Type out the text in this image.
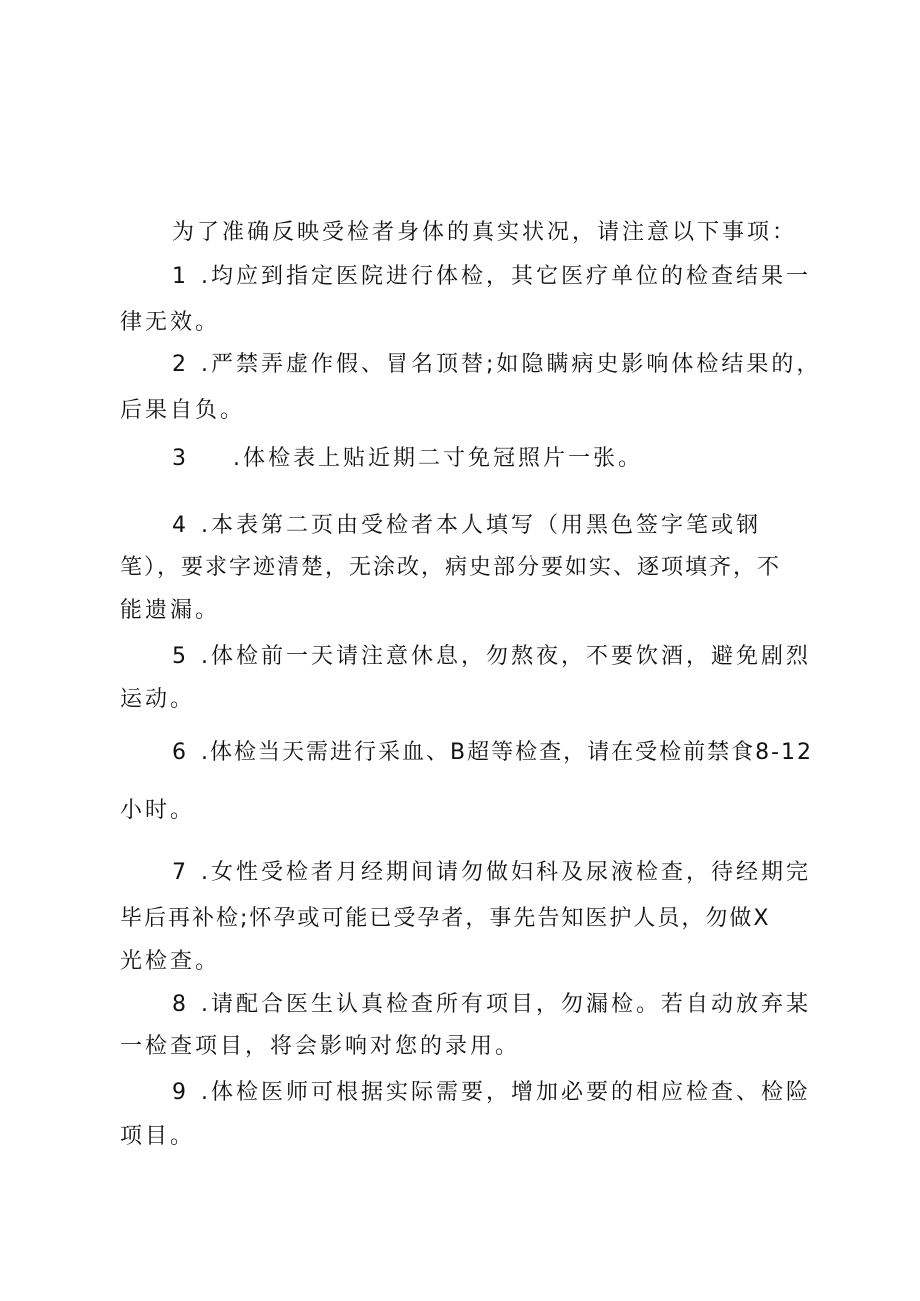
为了准确反映受检者身体的真实状况，请注意以下事项：
1 .均应到指定医院进行体检，其它医疗单位的检查结果一
律无效。
2 .严禁弄虚作假、冒名顶替;如隐瞒病史影响体检结果的，
后果自负。
3 .体检表上贴近期二寸免冠照片一张。
4 .本表第二页由受检者本人填写（用黑色签字笔或钢
笔），要求字迹清楚，无涂改，病史部分要如实、逐项填齐，不
能遗漏。
5 .体检前一天请注意休息，勿熬夜，不要饮酒，避免剧烈
运动。
6 .体检当天需进行采血、B超等检查，请在受检前禁食8-12
小时。
7 .女性受检者月经期间请勿做妇科及尿液检查，待经期完
毕后再补检;怀孕或可能已受孕者，事先告知医护人员，勿做X
光检查。
8 .请配合医生认真检查所有项目，勿漏检。若自动放弃某
一检查项目，将会影响对您的录用。
9 .体检医师可根据实际需要，增加必要的相应检查、检险
项目。
